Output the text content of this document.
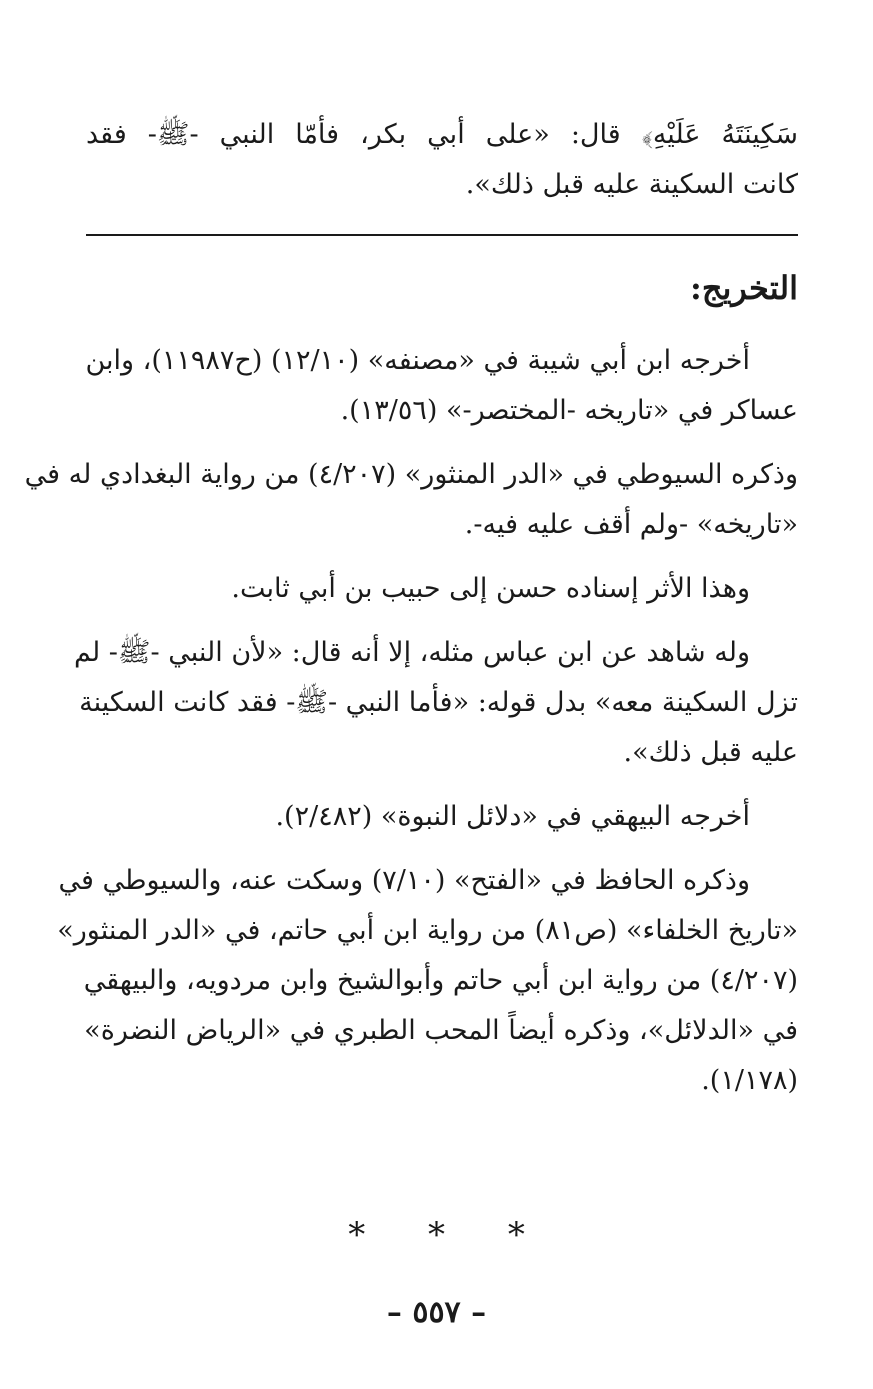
سَكِينَتَهُ عَلَيْهِ﴾ قال: «على أبي بكر، فأمّا النبي -ﷺ- فقد
كانت السكينة عليه قبل ذلك».
التخريج:
أخرجه ابن أبي شيبة في «مصنفه» (١٢/١٠) (ح١١٩٨٧)، وابن
عساكر في «تاريخه -المختصر-» (١٣/٥٦).
وذكره السيوطي في «الدر المنثور» (٤/٢٠٧) من رواية البغدادي له في
«تاريخه» -ولم أقف عليه فيه-.
وهذا الأثر إسناده حسن إلى حبيب بن أبي ثابت.
وله شاهد عن ابن عباس مثله، إلا أنه قال: «لأن النبي -ﷺ- لم
تزل السكينة معه» بدل قوله: «فأما النبي -ﷺ- فقد كانت السكينة
عليه قبل ذلك».
أخرجه البيهقي في «دلائل النبوة» (٢/٤٨٢).
وذكره الحافظ في «الفتح» (٧/١٠) وسكت عنه، والسيوطي في
«تاريخ الخلفاء» (ص٨١) من رواية ابن أبي حاتم، في «الدر المنثور»
(٤/٢٠٧) من رواية ابن أبي حاتم وأبوالشيخ وابن مردويه، والبيهقي
في «الدلائل»، وذكره أيضاً المحب الطبري في «الرياض النضرة»
(١/١٧٨).
* * *
– ٥٥٧ –
